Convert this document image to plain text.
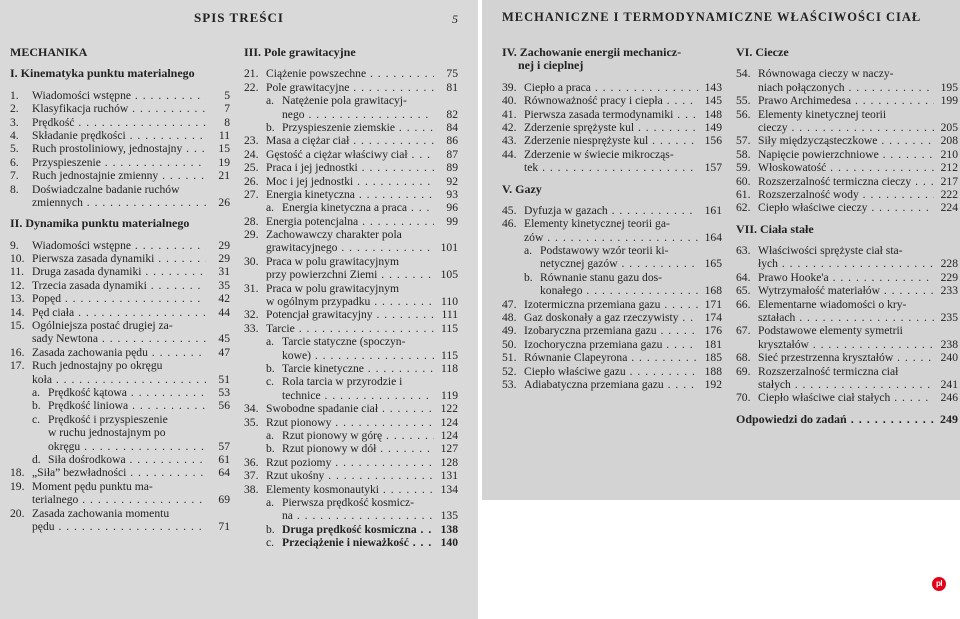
SPIS TREŚCI	5
MECHANIKA
I. Kinematyka punktu materialnego
1. Wiadomości wstępne . . .	5
2. Klasyfikacja ruchów . . .	7
3. Prędkość . . .	8
4. Składanie prędkości . . .	11
5. Ruch prostoliniowy, jednostajny . . .	15
6. Przyspieszenie . . .	19
7. Ruch jednostajnie zmienny . . .	21
8. Doświadczalne badanie ruchów
zmiennych . . .	26
II. Dynamika punktu materialnego
9. Wiadomości wstępne . . .	29
10. Pierwsza zasada dynamiki . . .	29
11. Druga zasada dynamiki . . .	31
12. Trzecia zasada dynamiki . . .	35
13. Popęd . . .	42
14. Pęd ciała . . .	44
15. Ogólniejsza postać drugiej za-
sady Newtona . . .	45
16. Zasada zachowania pędu . . .	47
17. Ruch jednostajny po okręgu
koła . . .	51
a. Prędkość kątowa . . .	53
b. Prędkość liniowa . . .	56
c. Prędkość i przyspieszenie
w ruchu jednostajnym po
okręgu . . .	57
d. Siła dośrodkowa . . .	61
18. „Siła” bezwładności . . .	64
19. Moment pędu punktu ma-
terialnego . . .	69
20. Zasada zachowania momentu
pędu . . .	71
III. Pole grawitacyjne
21. Ciążenie powszechne . . .	75
22. Pole grawitacyjne . . .	81
a. Natężenie pola grawitacyj-
nego . . .	82
b. Przyspieszenie ziemskie . . .	84
23. Masa a ciężar ciał . . .	86
24. Gęstość a ciężar właściwy ciał . . .	87
25. Praca i jej jednostki . . .	89
26. Moc i jej jednostki . . .	92
27. Energia kinetyczna . . .	93
a. Energia kinetyczna a praca . . .	96
28. Energia potencjalna . . .	99
29. Zachowawczy charakter pola
grawitacyjnego . . .	101
30. Praca w polu grawitacyjnym
przy powierzchni Ziemi . . .	105
31. Praca w polu grawitacyjnym
w ogólnym przypadku . . .	110
32. Potencjał grawitacyjny . . .	111
33. Tarcie . . .	115
a. Tarcie statyczne (spoczyn-
kowe) . . .	115
b. Tarcie kinetyczne . . .	118
c. Rola tarcia w przyrodzie i
technice . . .	119
34. Swobodne spadanie ciał . . .	122
35. Rzut pionowy . . .	124
a. Rzut pionowy w górę . . .	124
b. Rzut pionowy w dół . . .	127
36. Rzut poziomy . . .	128
37. Rzut ukośny . . .	131
38. Elementy kosmonautyki . . .	134
a. Pierwsza prędkość kosmicz-
na . . .	135
b. Druga prędkość kosmiczna . . .	138
c. Przeciążenie i nieważkość . . .	140
MECHANICZNE I TERMODYNAMICZNE WŁAŚCIWOŚCI CIAŁ
IV. Zachowanie energii mechanicz-
nej i cieplnej
39. Ciepło a praca . . .	143
40. Równoważność pracy i ciepła . . .	145
41. Pierwsza zasada termodynamiki . . .	148
42. Zderzenie sprężyste kul . . .	149
43. Zderzenie niesprężyste kul . . .	156
44. Zderzenie w świecie mikrocząs-
tek . . .	157
V. Gazy
45. Dyfuzja w gazach . . .	161
46. Elementy kinetycznej teorii ga-
zów . . .	164
a. Podstawowy wzór teorii ki-
netycznej gazów . . .	165
b. Równanie stanu gazu dos-
konałego . . .	168
47. Izotermiczna przemiana gazu . . .	171
48. Gaz doskonały a gaz rzeczywisty . . .	174
49. Izobaryczna przemiana gazu . . .	176
50. Izochoryczna przemiana gazu . . .	181
51. Równanie Clapeyrona . . .	185
52. Ciepło właściwe gazu . . .	188
53. Adiabatyczna przemiana gazu . . .	192
VI. Ciecze
54. Równowaga cieczy w naczy-
niach połączonych . . .	195
55. Prawo Archimedesa . . .	199
56. Elementy kinetycznej teorii
cieczy . . .	205
57. Siły międzycząsteczkowe . . .	208
58. Napięcie powierzchniowe . . .	210
59. Włoskowatość . . .	212
60. Rozszerzalność termiczna cieczy . . .	217
61. Rozszerzalność wody . . .	222
62. Ciepło właściwe cieczy . . .	224
VII. Ciała stałe
63. Właściwości sprężyste ciał sta-
łych . . .	228
64. Prawo Hooke'a . . .	229
65. Wytrzymałość materiałów . . .	233
66. Elementarne wiadomości o kry-
ształach . . .	235
67. Podstawowe elementy symetrii
kryształów . . .	238
68. Sieć przestrzenna kryształów . . .	240
69. Rozszerzalność termiczna ciał
stałych . . .	241
70. Ciepło właściwe ciał stałych . . .	246
Odpowiedzi do zadań . . .	249
Sprzedajemy pl
